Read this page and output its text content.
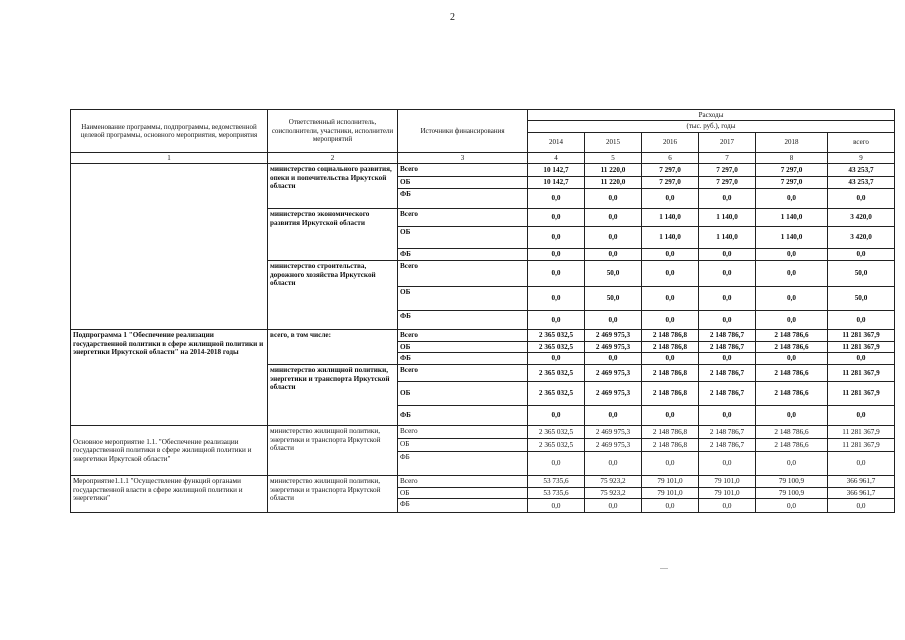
2
Наименование программы, подпрограммы, ведомственной целевой программы, основного мероприятия, мероприятия	Ответственный исполнитель, соисполнители, участники, исполнители мероприятий	Источники финансирования	Расходы					
			(тыс. руб.), годы					
			2014	2015	2016	2017	2018	всего
1	2	3	4	5	6	7	8	9
	министерство социального развития, опеки и попечительства Иркутской области	Всего	10 142,7	11 220,0	7 297,0	7 297,0	7 297,0	43 253,7
		ОБ	10 142,7	11 220,0	7 297,0	7 297,0	7 297,0	43 253,7
		ФБ	0,0	0,0	0,0	0,0	0,0	0,0
	министерство экономического развития Иркутской области	Всего	0,0	0,0	1 140,0	1 140,0	1 140,0	3 420,0
		ОБ	0,0	0,0	1 140,0	1 140,0	1 140,0	3 420,0
		ФБ	0,0	0,0	0,0	0,0	0,0	0,0
	министерство строительства, дорожного хозяйства Иркутской области	Всего	0,0	50,0	0,0	0,0	0,0	50,0
		ОБ	0,0	50,0	0,0	0,0	0,0	50,0
		ФБ	0,0	0,0	0,0	0,0	0,0	0,0
Подпрограмма 1 "Обеспечение реализации государственной политики в сфере жилищной политики и энергетики Иркутской области" на 2014-2018 годы	всего, в том числе:	Всего	2 365 032,5	2 469 975,3	2 148 786,8	2 148 786,7	2 148 786,6	11 281 367,9
		ОБ	2 365 032,5	2 469 975,3	2 148 786,8	2 148 786,7	2 148 786,6	11 281 367,9
		ФБ	0,0	0,0	0,0	0,0	0,0	0,0
	министерство жилищной политики, энергетики и транспорта Иркутской области	Всего	2 365 032,5	2 469 975,3	2 148 786,8	2 148 786,7	2 148 786,6	11 281 367,9
		ОБ	2 365 032,5	2 469 975,3	2 148 786,8	2 148 786,7	2 148 786,6	11 281 367,9
		ФБ	0,0	0,0	0,0	0,0	0,0	0,0
Основное мероприятие 1.1. "Обеспечение реализации государственной политики в сфере жилищной политики и энергетики Иркутской области"	министерство жилищной политики, энергетики и транспорта Иркутской области	Всего	2 365 032,5	2 469 975,3	2 148 786,8	2 148 786,7	2 148 786,6	11 281 367,9
		ОБ	2 365 032,5	2 469 975,3	2 148 786,8	2 148 786,7	2 148 786,6	11 281 367,9
		ФБ	0,0	0,0	0,0	0,0	0,0	0,0
Мероприятие1.1.1 "Осуществление функций органами государственной власти в сфере жилищной политики и энергетики"	министерство жилищной политики, энергетики и транспорта Иркутской области	Всего	53 735,6	75 923,2	79 101,0	79 101,0	79 100,9	366 961,7
		ОБ	53 735,6	75 923,2	79 101,0	79 101,0	79 100,9	366 961,7
		ФБ	0,0	0,0	0,0	0,0	0,0	0,0
